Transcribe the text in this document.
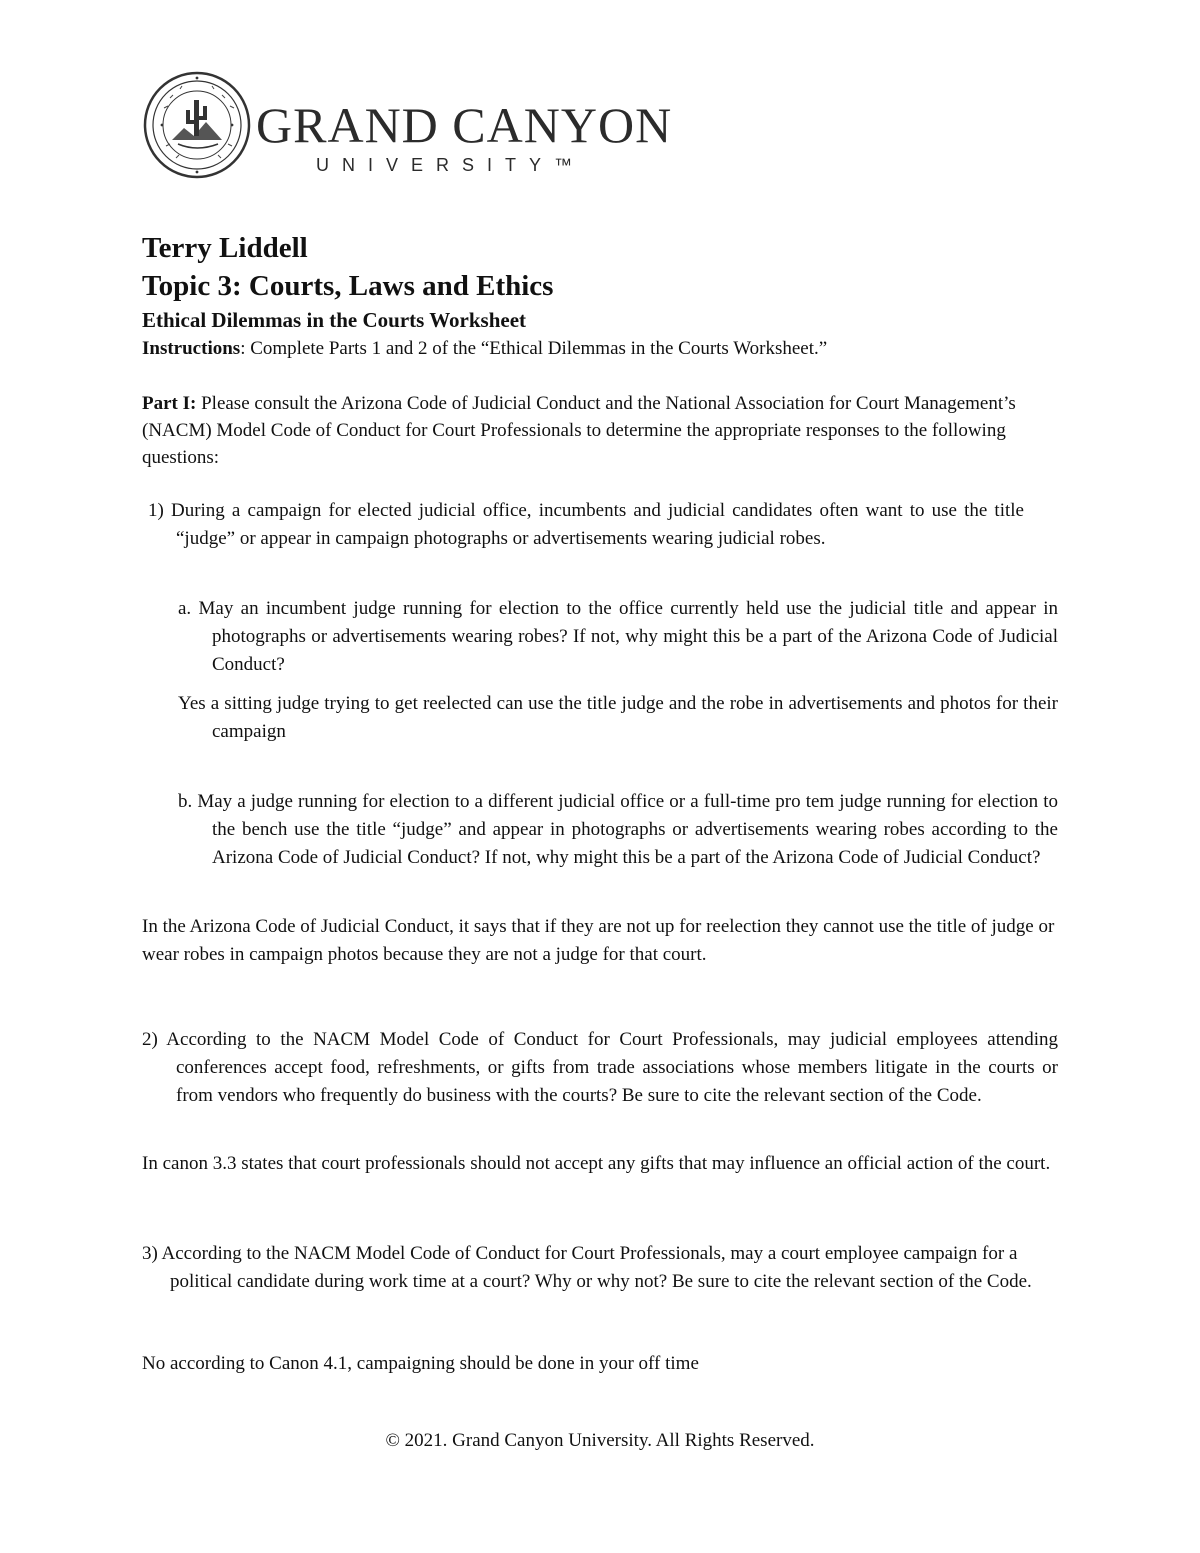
GRAND CANYON
UNIVERSITY™
Terry Liddell
Topic 3: Courts, Laws and Ethics
Ethical Dilemmas in the Courts Worksheet
Instructions: Complete Parts 1 and 2 of the “Ethical Dilemmas in the Courts Worksheet.”
Part I: Please consult the Arizona Code of Judicial Conduct and the National Association for Court Management’s (NACM) Model Code of Conduct for Court Professionals to determine the appropriate responses to the following questions:
1) During a campaign for elected judicial office, incumbents and judicial candidates often want to use the title “judge” or appear in campaign photographs or advertisements wearing judicial robes.
a. May an incumbent judge running for election to the office currently held use the judicial title and appear in photographs or advertisements wearing robes? If not, why might this be a part of the Arizona Code of Judicial Conduct?
Yes a sitting judge trying to get reelected can use the title judge and the robe in advertisements and photos for their campaign
b. May a judge running for election to a different judicial office or a full-time pro tem judge running for election to the bench use the title “judge” and appear in photographs or advertisements wearing robes according to the Arizona Code of Judicial Conduct? If not, why might this be a part of the Arizona Code of Judicial Conduct?
In the Arizona Code of Judicial Conduct, it says that if they are not up for reelection they cannot use the title of judge or wear robes in campaign photos because they are not a judge for that court.
2) According to the NACM Model Code of Conduct for Court Professionals, may judicial employees attending conferences accept food, refreshments, or gifts from trade associations whose members litigate in the courts or from vendors who frequently do business with the courts? Be sure to cite the relevant section of the Code.
In canon 3.3 states that court professionals should not accept any gifts that may influence an official action of the court.
3) According to the NACM Model Code of Conduct for Court Professionals, may a court employee campaign for a political candidate during work time at a court? Why or why not? Be sure to cite the relevant section of the Code.
No according to Canon 4.1, campaigning should be done in your off time
© 2021. Grand Canyon University. All Rights Reserved.
